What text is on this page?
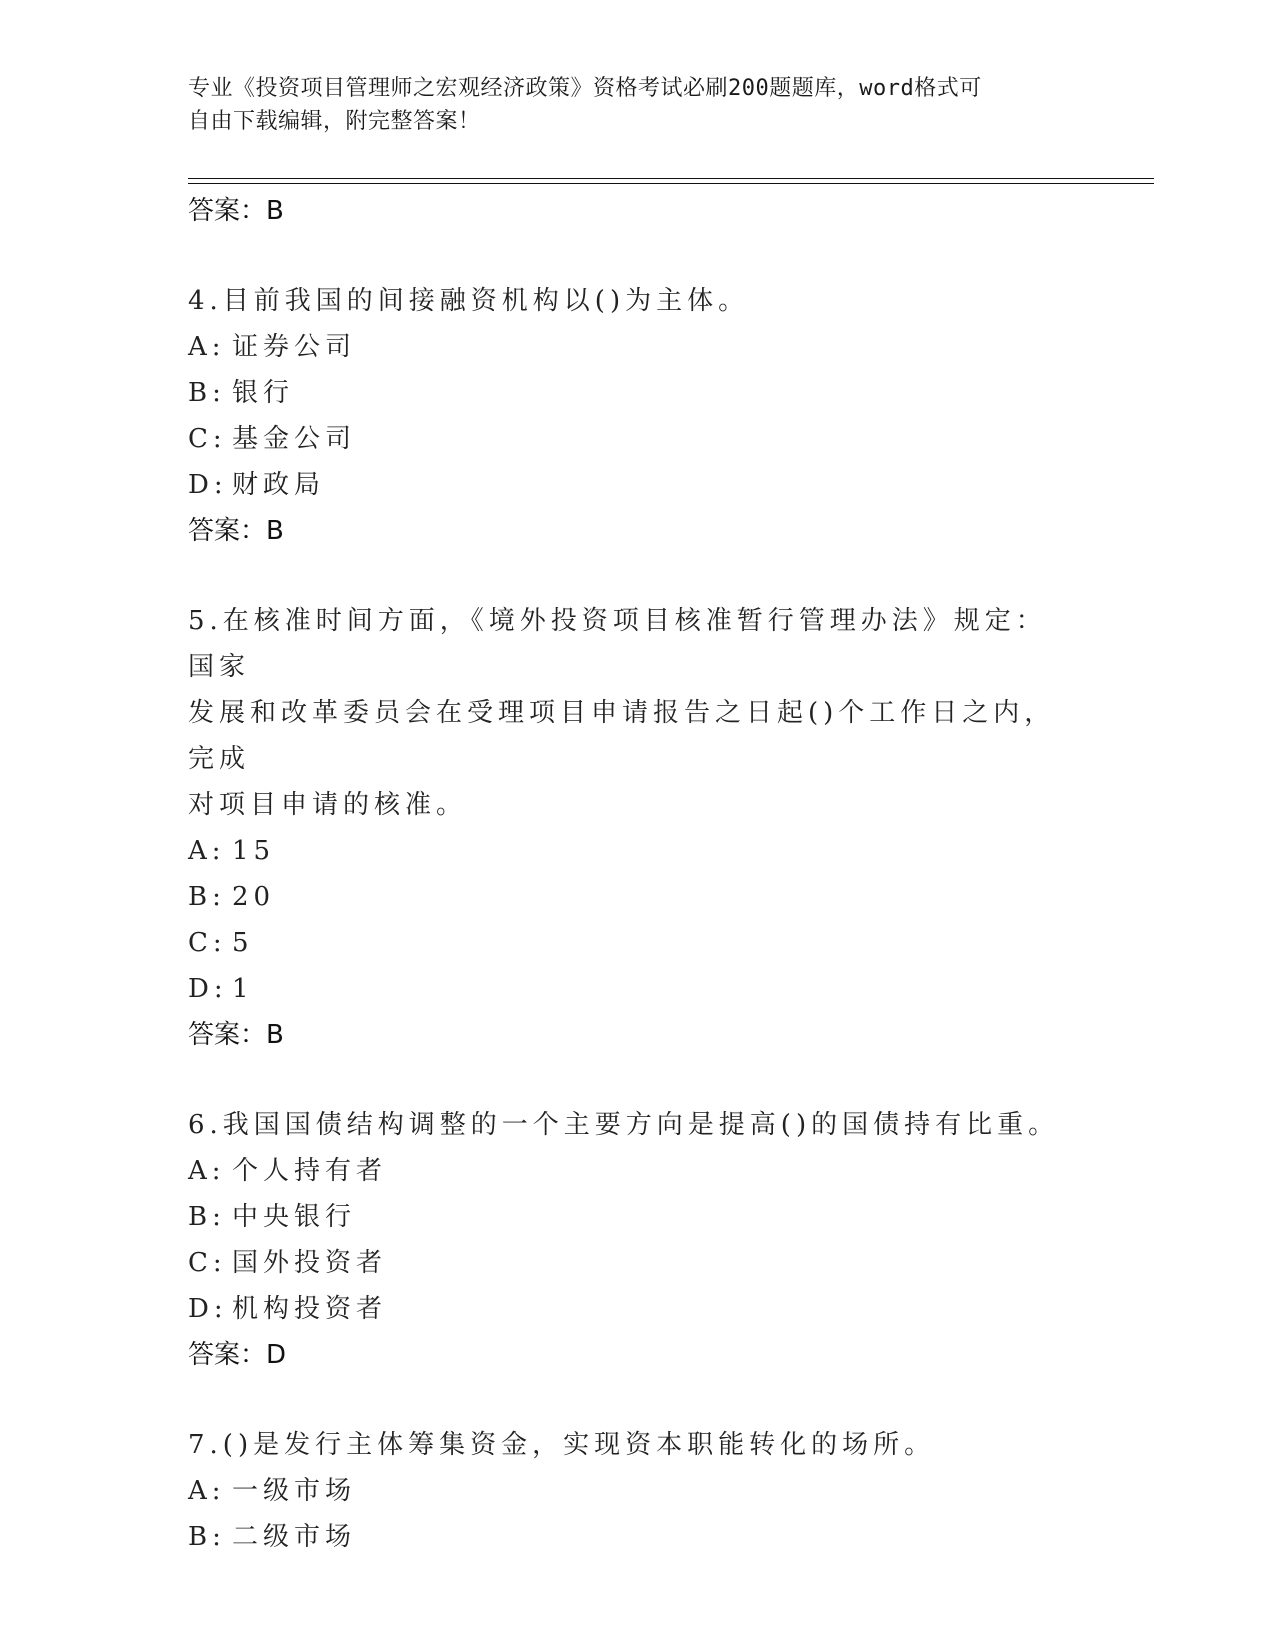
专业《投资项目管理师之宏观经济政策》资格考试必刷200题题库，word格式可
自由下载编辑，附完整答案！
答案：B
4.目前我国的间接融资机构以()为主体。
A: 证券公司
B: 银行
C: 基金公司
D: 财政局
答案：B
5.在核准时间方面，《境外投资项目核准暂行管理办法》规定：国家
发展和改革委员会在受理项目申请报告之日起()个工作日之内，完成
对项目申请的核准。
A: 15
B: 20
C: 5
D: 1
答案：B
6.我国国债结构调整的一个主要方向是提高()的国债持有比重。
A: 个人持有者
B: 中央银行
C: 国外投资者
D: 机构投资者
答案：D
7.()是发行主体筹集资金，实现资本职能转化的场所。
A: 一级市场
B: 二级市场
